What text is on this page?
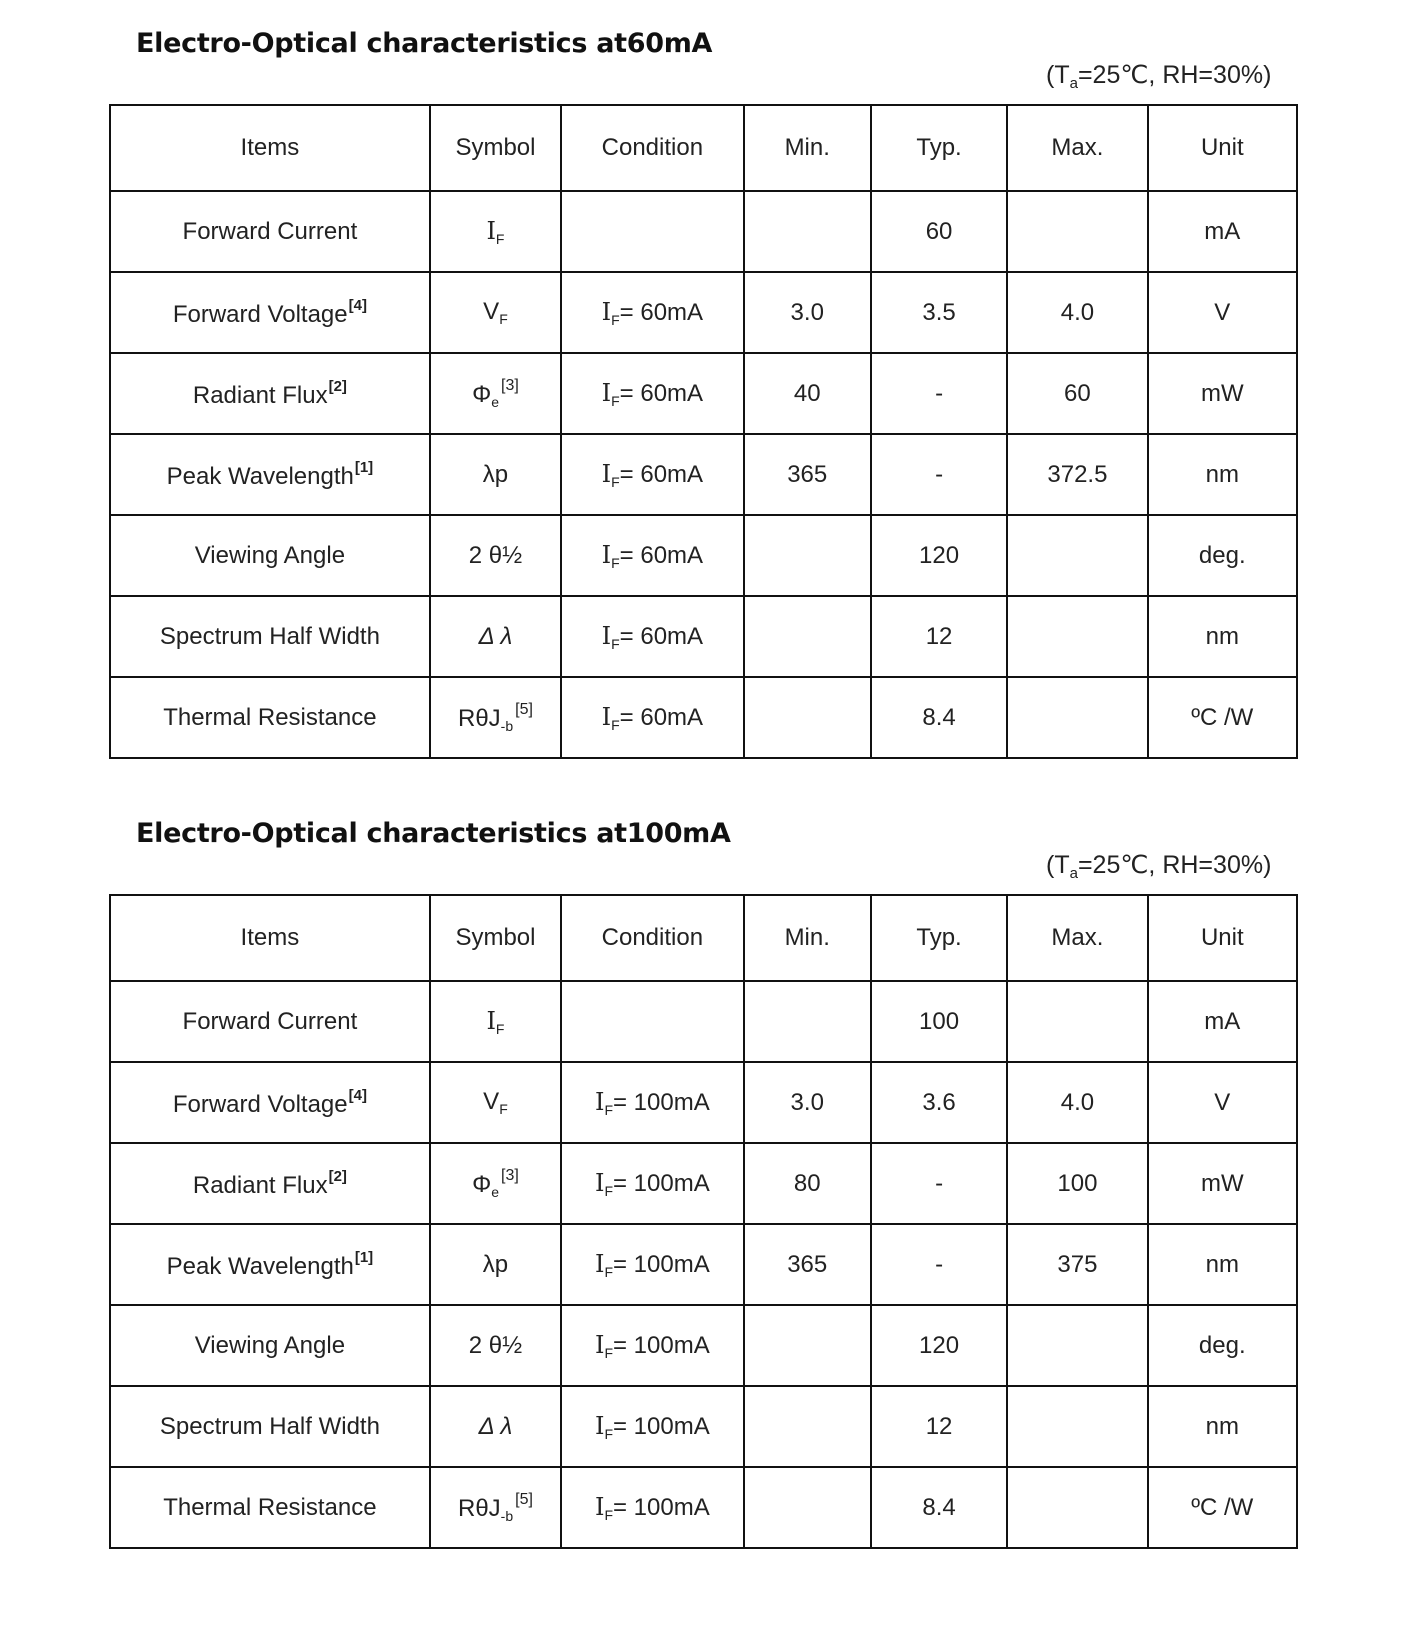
Electro-Optical characteristics at60mA
($T_a=25℃$, RH=30%)
Items	Symbol	Condition	Min.	Typ.	Max.	Unit
Forward Current	$I_F$			60		mA
Forward Voltage[4]	$V_F$	$I_F= 60mA$	3.0	3.5	4.0	V
Radiant Flux[2]	$\Phi_e[3]$	$I_F= 60mA$	40	-	60	mW
Peak Wavelength[1]	λp	$I_F= 60mA$	365	-	372.5	nm
Viewing Angle	2 θ½	$I_F= 60mA$		120		deg.
Spectrum Half Width	Δ λ	$I_F= 60mA$		12		nm
Thermal Resistance	RθJ$_{-b}$[5]	$I_F= 60mA$		8.4		ºC /W
Electro-Optical characteristics at100mA
($T_a=25℃$, RH=30%)
Items	Symbol	Condition	Min.	Typ.	Max.	Unit
Forward Current	$I_F$			100		mA
Forward Voltage[4]	$V_F$	$I_F= 100mA$	3.0	3.6	4.0	V
Radiant Flux[2]	$\Phi_e[3]$	$I_F= 100mA$	80	-	100	mW
Peak Wavelength[1]	λp	$I_F= 100mA$	365	-	375	nm
Viewing Angle	2 θ½	$I_F= 100mA$		120		deg.
Spectrum Half Width	Δ λ	$I_F= 100mA$		12		nm
Thermal Resistance	RθJ$_{-b}$[5]	$I_F= 100mA$		8.4		ºC /W
